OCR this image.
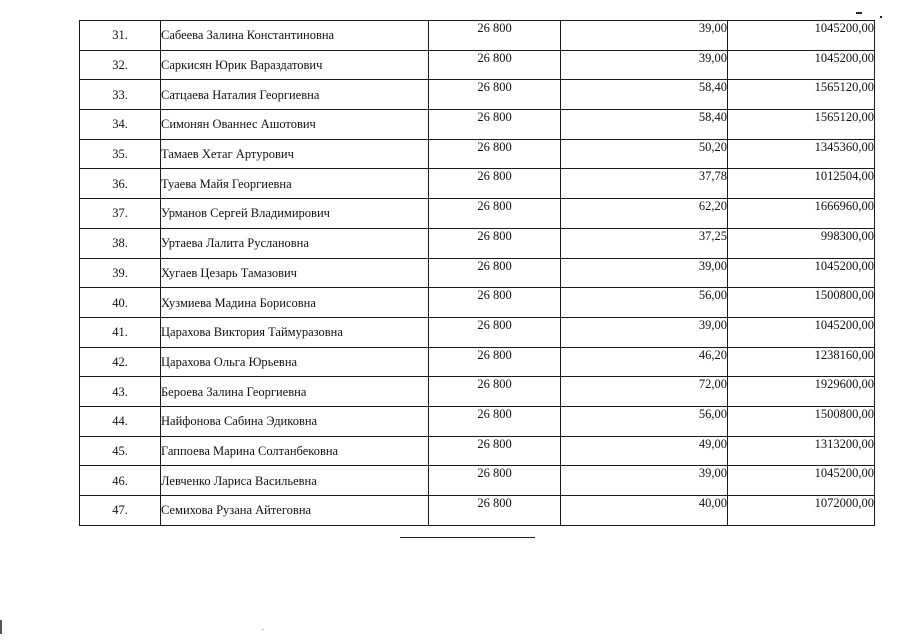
31.	Сабеева Залина Константиновна	26 800	39,00	1045200,00
32.	Саркисян Юрик Вараздатович	26 800	39,00	1045200,00
33.	Сатцаева Наталия Георгиевна	26 800	58,40	1565120,00
34.	Симонян Ованнес Ашотович	26 800	58,40	1565120,00
35.	Тамаев Хетаг Артурович	26 800	50,20	1345360,00
36.	Туаева Майя Георгиевна	26 800	37,78	1012504,00
37.	Урманов Сергей Владимирович	26 800	62,20	1666960,00
38.	Уртаева Лалита Руслановна	26 800	37,25	998300,00
39.	Хугаев Цезарь Тамазович	26 800	39,00	1045200,00
40.	Хузмиева Мадина Борисовна	26 800	56,00	1500800,00
41.	Царахова Виктория Таймуразовна	26 800	39,00	1045200,00
42.	Царахова Ольга Юрьевна	26 800	46,20	1238160,00
43.	Бероева Залина Георгиевна	26 800	72,00	1929600,00
44.	Найфонова Сабина Эдиковна	26 800	56,00	1500800,00
45.	Гаппоева Марина Солтанбековна	26 800	49,00	1313200,00
46.	Левченко Лариса Васильевна	26 800	39,00	1045200,00
47.	Семихова Рузана Айтеговна	26 800	40,00	1072000,00
